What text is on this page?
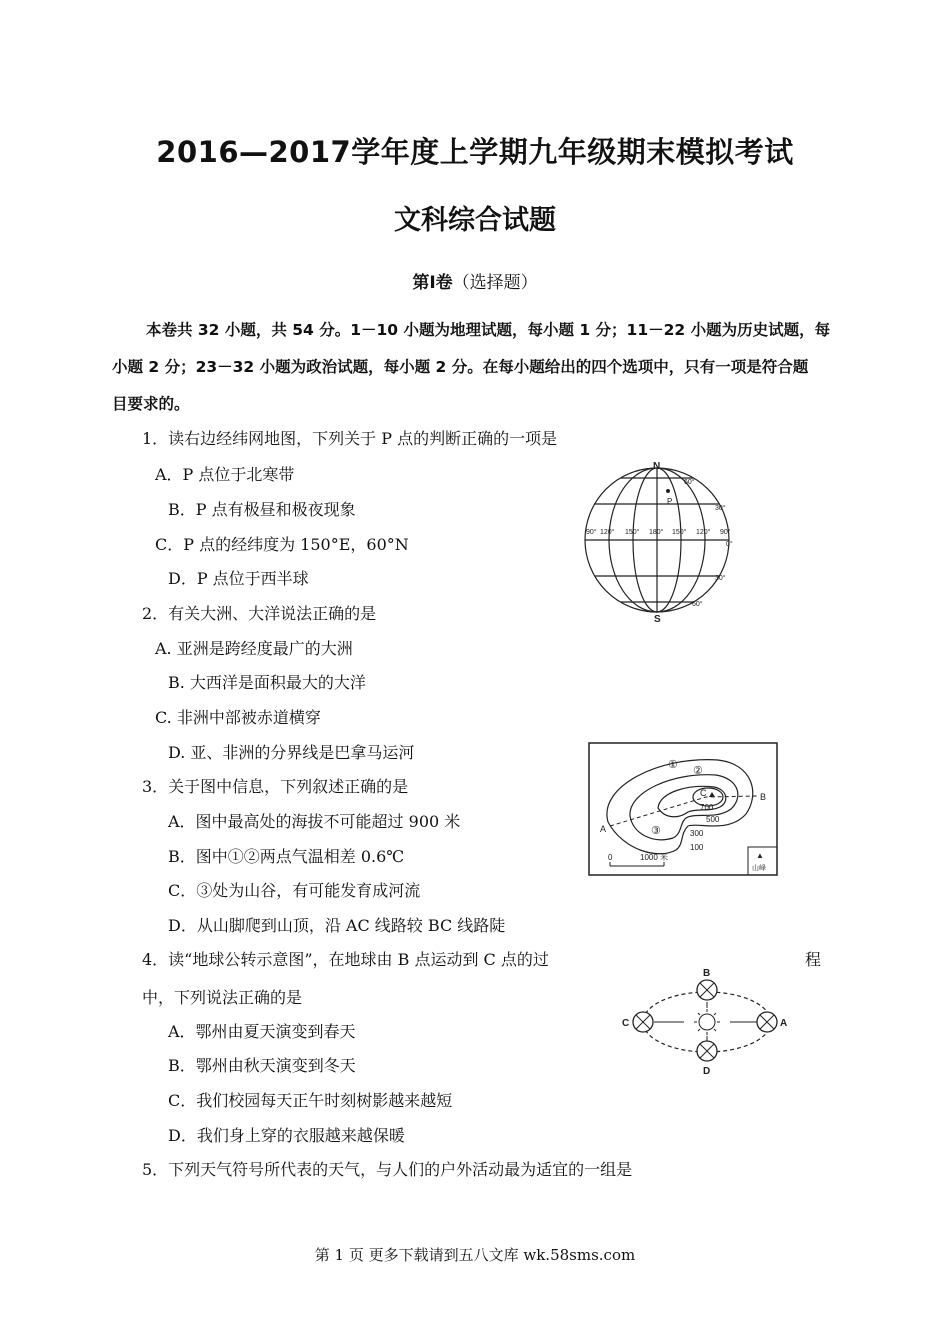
2016—2017学年度上学期九年级期末模拟考试
文科综合试题
第Ⅰ卷（选择题）
本卷共 32 小题，共 54 分。1－10 小题为地理试题，每小题 1 分；11－22 小题为历史试题，每
小题 2 分；23－32 小题为政治试题，每小题 2 分。在每小题给出的四个选项中，只有一项是符合题
目要求的。
1．读右边经纬网地图，下列关于 P 点的判断正确的一项是
A．P 点位于北寒带
B．P 点有极昼和极夜现象
C．P 点的经纬度为 150°E，60°N
D．P 点位于西半球
2．有关大洲、大洋说法正确的是
A. 亚洲是跨经度最广的大洲
B. 大西洋是面积最大的大洋
C. 非洲中部被赤道横穿
D. 亚、非洲的分界线是巴拿马运河
3．关于图中信息，下列叙述正确的是
A．图中最高处的海拔不可能超过 900 米
B．图中①②两点气温相差 0.6℃
C．③处为山谷，有可能发育成河流
D．从山脚爬到山顶，沿 AC 线路较 BC 线路陡
4．读“地球公转示意图”，在地球由 B 点运动到 C 点的过	程
中，下列说法正确的是
A．鄂州由夏天演变到春天
B．鄂州由秋天演变到冬天
C．我们校园每天正午时刻树影越来越短
D．我们身上穿的衣服越来越保暖
5．下列天气符号所代表的天气，与人们的户外活动最为适宜的一组是
N
S
P
90° 120° 150° 180° 150° 120° 90°
60°
30°
0°
30°
60°
700
500
300
100
A
B
C
① ②
③
0	1000 米	▲
山峰
B
D
C	A
第 1 页 更多下载请到五八文库 wk.58sms.com
